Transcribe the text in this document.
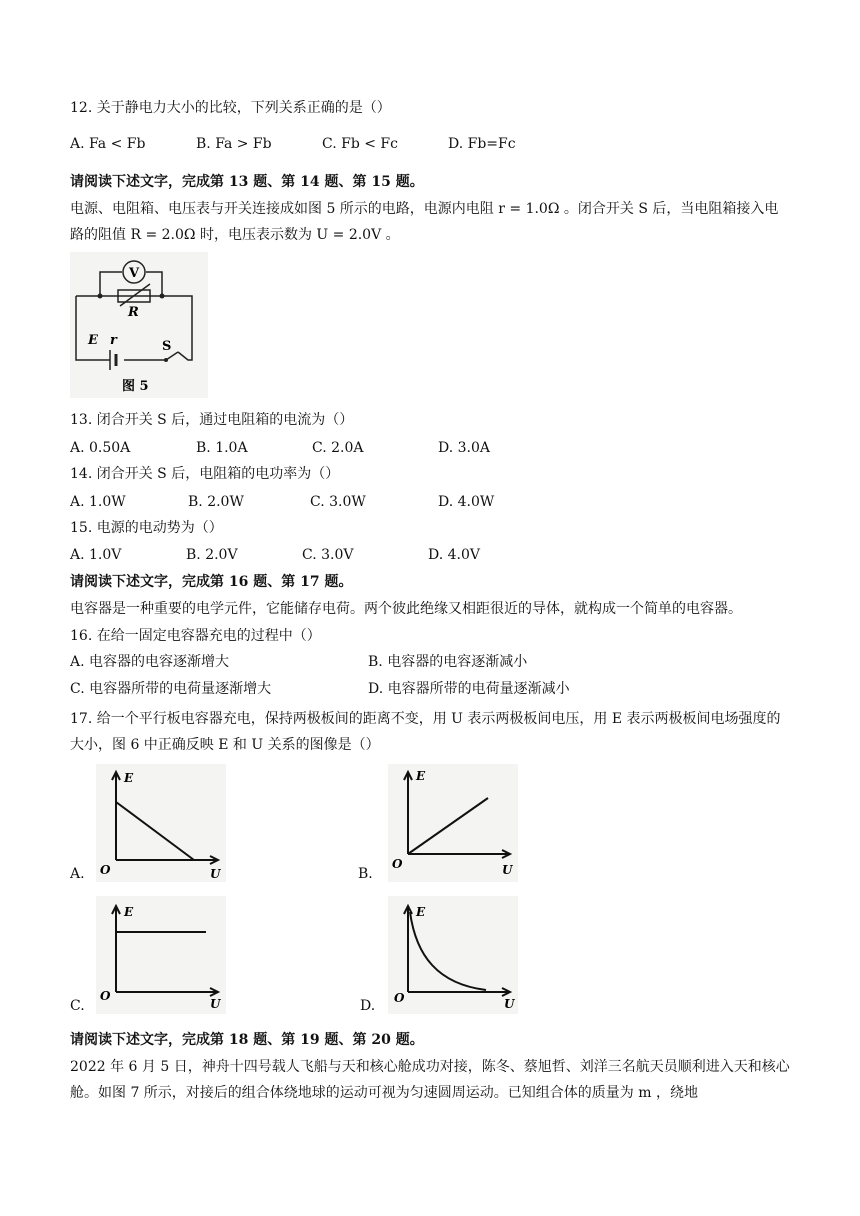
12. 关于静电力大小的比较，下列关系正确的是（）
A. Fa < Fb	B. Fa > Fb	C. Fb < Fc	D. Fb=Fc
请阅读下述文字，完成第 13 题、第 14 题、第 15 题。
电源、电阻箱、电压表与开关连接成如图 5 所示的电路，电源内电阻 r = 1.0Ω 。闭合开关 S 后，当电阻箱接入电路的阻值 R = 2.0Ω 时，电压表示数为 U = 2.0V 。
V
R
E r	S
图 5
13. 闭合开关 S 后，通过电阻箱的电流为（）
A. 0.50A	B. 1.0A	C. 2.0A	D. 3.0A
14. 闭合开关 S 后，电阻箱的电功率为（）
A. 1.0W	B. 2.0W	C. 3.0W	D. 4.0W
15. 电源的电动势为（）
A. 1.0V	B. 2.0V	C. 3.0V	D. 4.0V
请阅读下述文字，完成第 16 题、第 17 题。
电容器是一种重要的电学元件，它能储存电荷。两个彼此绝缘又相距很近的导体，就构成一个简单的电容器。
16. 在给一固定电容器充电的过程中（）
A. 电容器的电容逐渐增大	B. 电容器的电容逐渐减小
C. 电容器所带的电荷量逐渐增大	D. 电容器所带的电荷量逐渐减小
17. 给一个平行板电容器充电，保持两极板间的距离不变，用 U 表示两极板间电压，用 E 表示两极板间电场强度的大小，图 6 中正确反映 E 和 U 关系的图像是（）
E
O	U
A.
E
O	U
B.
E
O
U
C.
E
O	U
D.
请阅读下述文字，完成第 18 题、第 19 题、第 20 题。
2022 年 6 月 5 日，神舟十四号载人飞船与天和核心舱成功对接，陈冬、蔡旭哲、刘洋三名航天员顺利进入天和核心舱。如图 7 所示，对接后的组合体绕地球的运动可视为匀速圆周运动。已知组合体的质量为 m ，绕地
